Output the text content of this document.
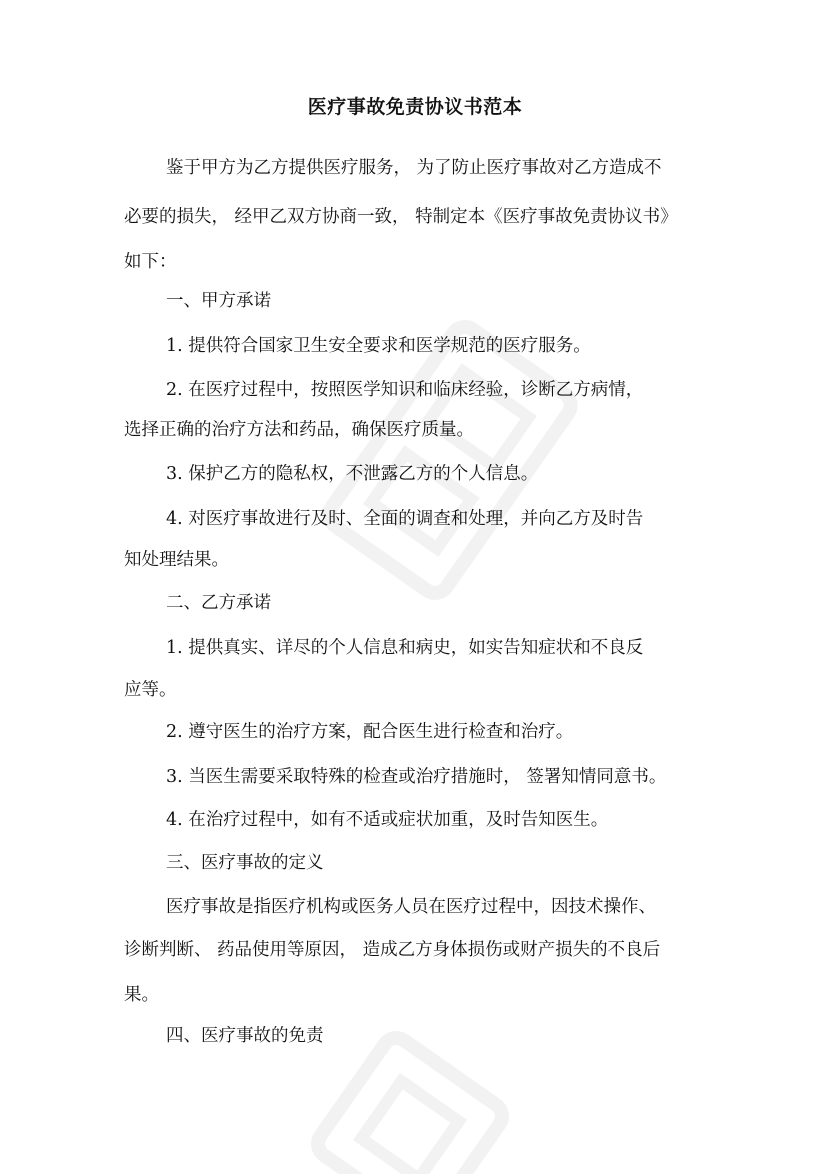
医疗事故免责协议书范本

鉴于甲方为乙方提供医疗服务， 为了防止医疗事故对乙方造成不

必要的损失， 经甲乙双方协商一致， 特制定本《医疗事故免责协议书》

如下：

一、甲方承诺

1. 提供符合国家卫生安全要求和医学规范的医疗服务。

2. 在医疗过程中，按照医学知识和临床经验，诊断乙方病情，

选择正确的治疗方法和药品，确保医疗质量。

3. 保护乙方的隐私权，不泄露乙方的个人信息。

4. 对医疗事故进行及时、全面的调查和处理，并向乙方及时告

知处理结果。

二、乙方承诺

1. 提供真实、详尽的个人信息和病史，如实告知症状和不良反

应等。

2. 遵守医生的治疗方案，配合医生进行检查和治疗。

3. 当医生需要采取特殊的检查或治疗措施时， 签署知情同意书。

4. 在治疗过程中，如有不适或症状加重，及时告知医生。

三、医疗事故的定义

医疗事故是指医疗机构或医务人员在医疗过程中，因技术操作、

诊断判断、 药品使用等原因， 造成乙方身体损伤或财产损失的不良后

果。

四、医疗事故的免责
